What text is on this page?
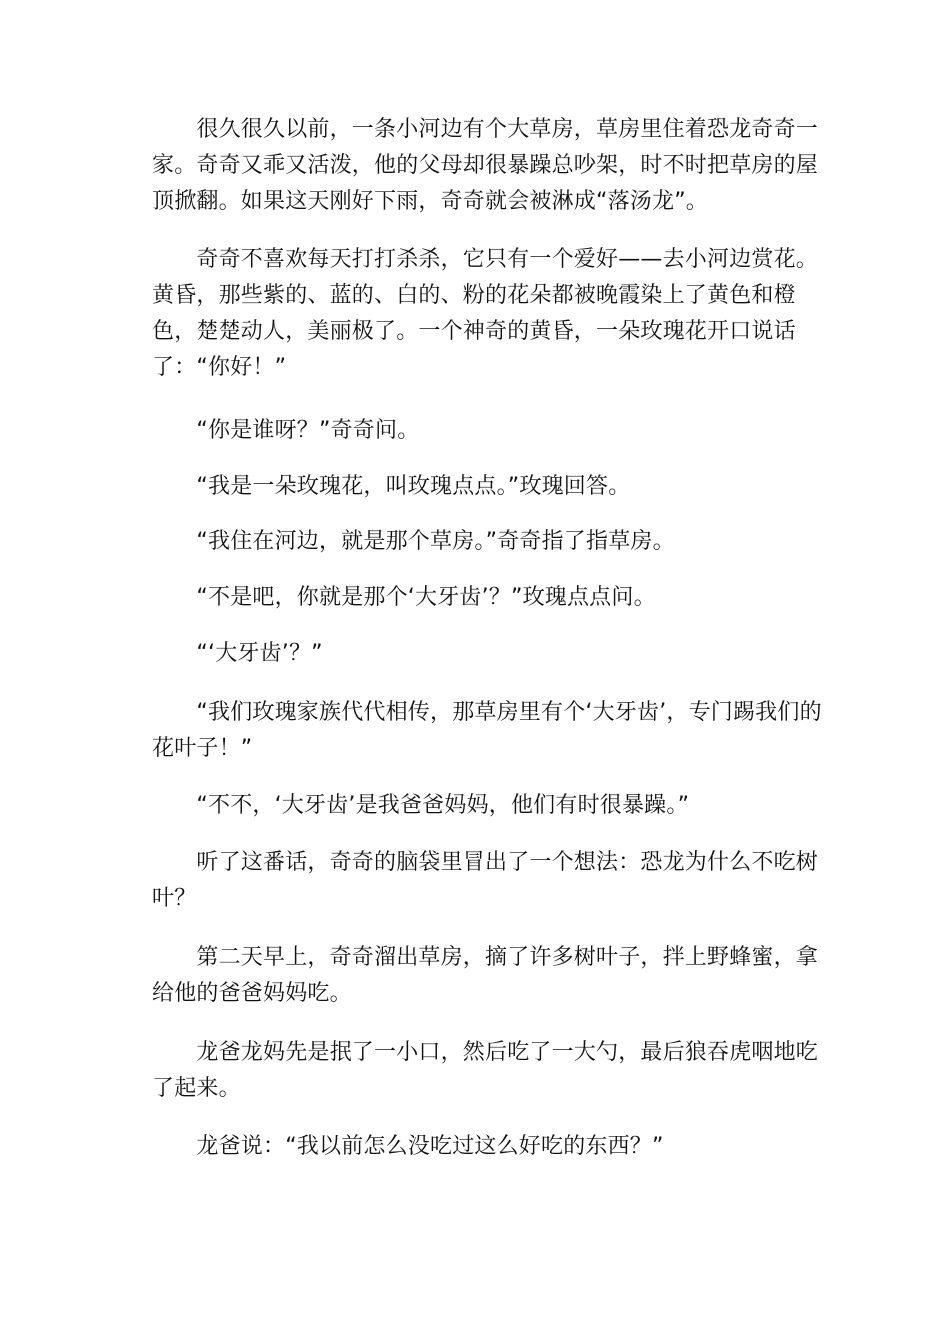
　　很久很久以前，一条小河边有个大草房，草房里住着恐龙奇奇一家。奇奇又乖又活泼，他的父母却很暴躁总吵架，时不时把草房的屋顶掀翻。如果这天刚好下雨，奇奇就会被淋成“落汤龙”。

　　奇奇不喜欢每天打打杀杀，它只有一个爱好——去小河边赏花。黄昏，那些紫的、蓝的、白的、粉的花朵都被晚霞染上了黄色和橙色，楚楚动人，美丽极了。一个神奇的黄昏，一朵玫瑰花开口说话了：“你好！”

　　“你是谁呀？”奇奇问。

　　“我是一朵玫瑰花，叫玫瑰点点。”玫瑰回答。

　　“我住在河边，就是那个草房。”奇奇指了指草房。

　　“不是吧，你就是那个‘大牙齿’？”玫瑰点点问。

　　“‘大牙齿’？”

　　“我们玫瑰家族代代相传，那草房里有个‘大牙齿’，专门踢我们的花叶子！”

　　“不不，‘大牙齿’是我爸爸妈妈，他们有时很暴躁。”

　　听了这番话，奇奇的脑袋里冒出了一个想法：恐龙为什么不吃树叶？

　　第二天早上，奇奇溜出草房，摘了许多树叶子，拌上野蜂蜜，拿给他的爸爸妈妈吃。

　　龙爸龙妈先是抿了一小口，然后吃了一大勺，最后狼吞虎咽地吃了起来。

　　龙爸说：“我以前怎么没吃过这么好吃的东西？”
